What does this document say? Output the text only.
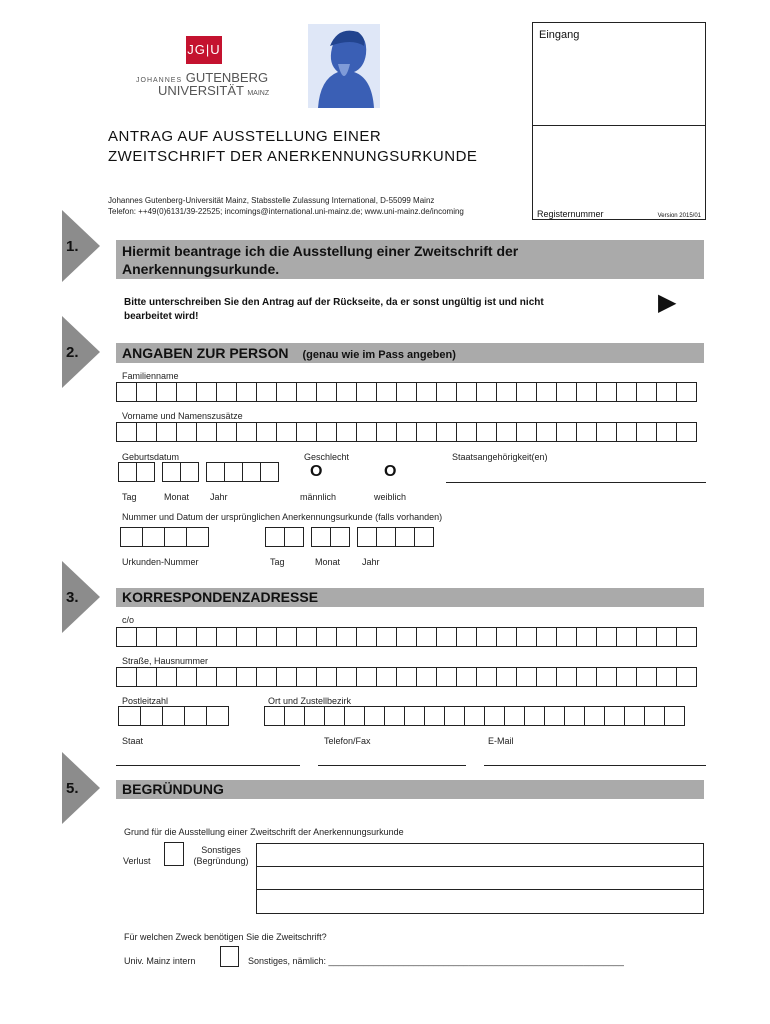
JG|U
JOHANNES GUTENBERG
UNIVERSITÄT MAINZ
ANTRAG AUF AUSSTELLUNG EINER
ZWEITSCHRIFT DER ANERKENNUNGSURKUNDE
Johannes Gutenberg-Universität Mainz, Stabsstelle Zulassung International, D-55099 Mainz
Telefon: ++49(0)6131/39-22525; incomings@international.uni-mainz.de; www.uni-mainz.de/incoming
Eingang
Registernummer	Version 2015/01
1.	Hiermit beantrage ich die Ausstellung einer Zweitschrift der
Anerkennungsurkunde.
Bitte unterschreiben Sie den Antrag auf der Rückseite, da er sonst ungültig ist und nicht
bearbeitet wird!
▶
2.	ANGABEN ZUR PERSON (genau wie im Pass angeben)
Familienname
Vorname und Namenszusätze
Geburtsdatum	Geschlecht	Staatsangehörigkeit(en)
O	O
Tag	Monat Jahr	männlich	weiblich
Nummer und Datum der ursprünglichen Anerkennungsurkunde (falls vorhanden)
Urkunden-Nummer	Tag	Monat Jahr
3.	KORRESPONDENZADRESSE
c/o
Straße, Hausnummer
Postleitzahl	Ort und Zustellbezirk
Staat	Telefon/Fax	E-Mail
5.	BEGRÜNDUNG
Grund für die Ausstellung einer Zweitschrift der Anerkennungsurkunde
Verlust
Sonstiges
(Begründung)
Für welchen Zweck benötigen Sie die Zweitschrift?
Univ. Mainz intern	Sonstiges, nämlich: ___________________________________________________________
